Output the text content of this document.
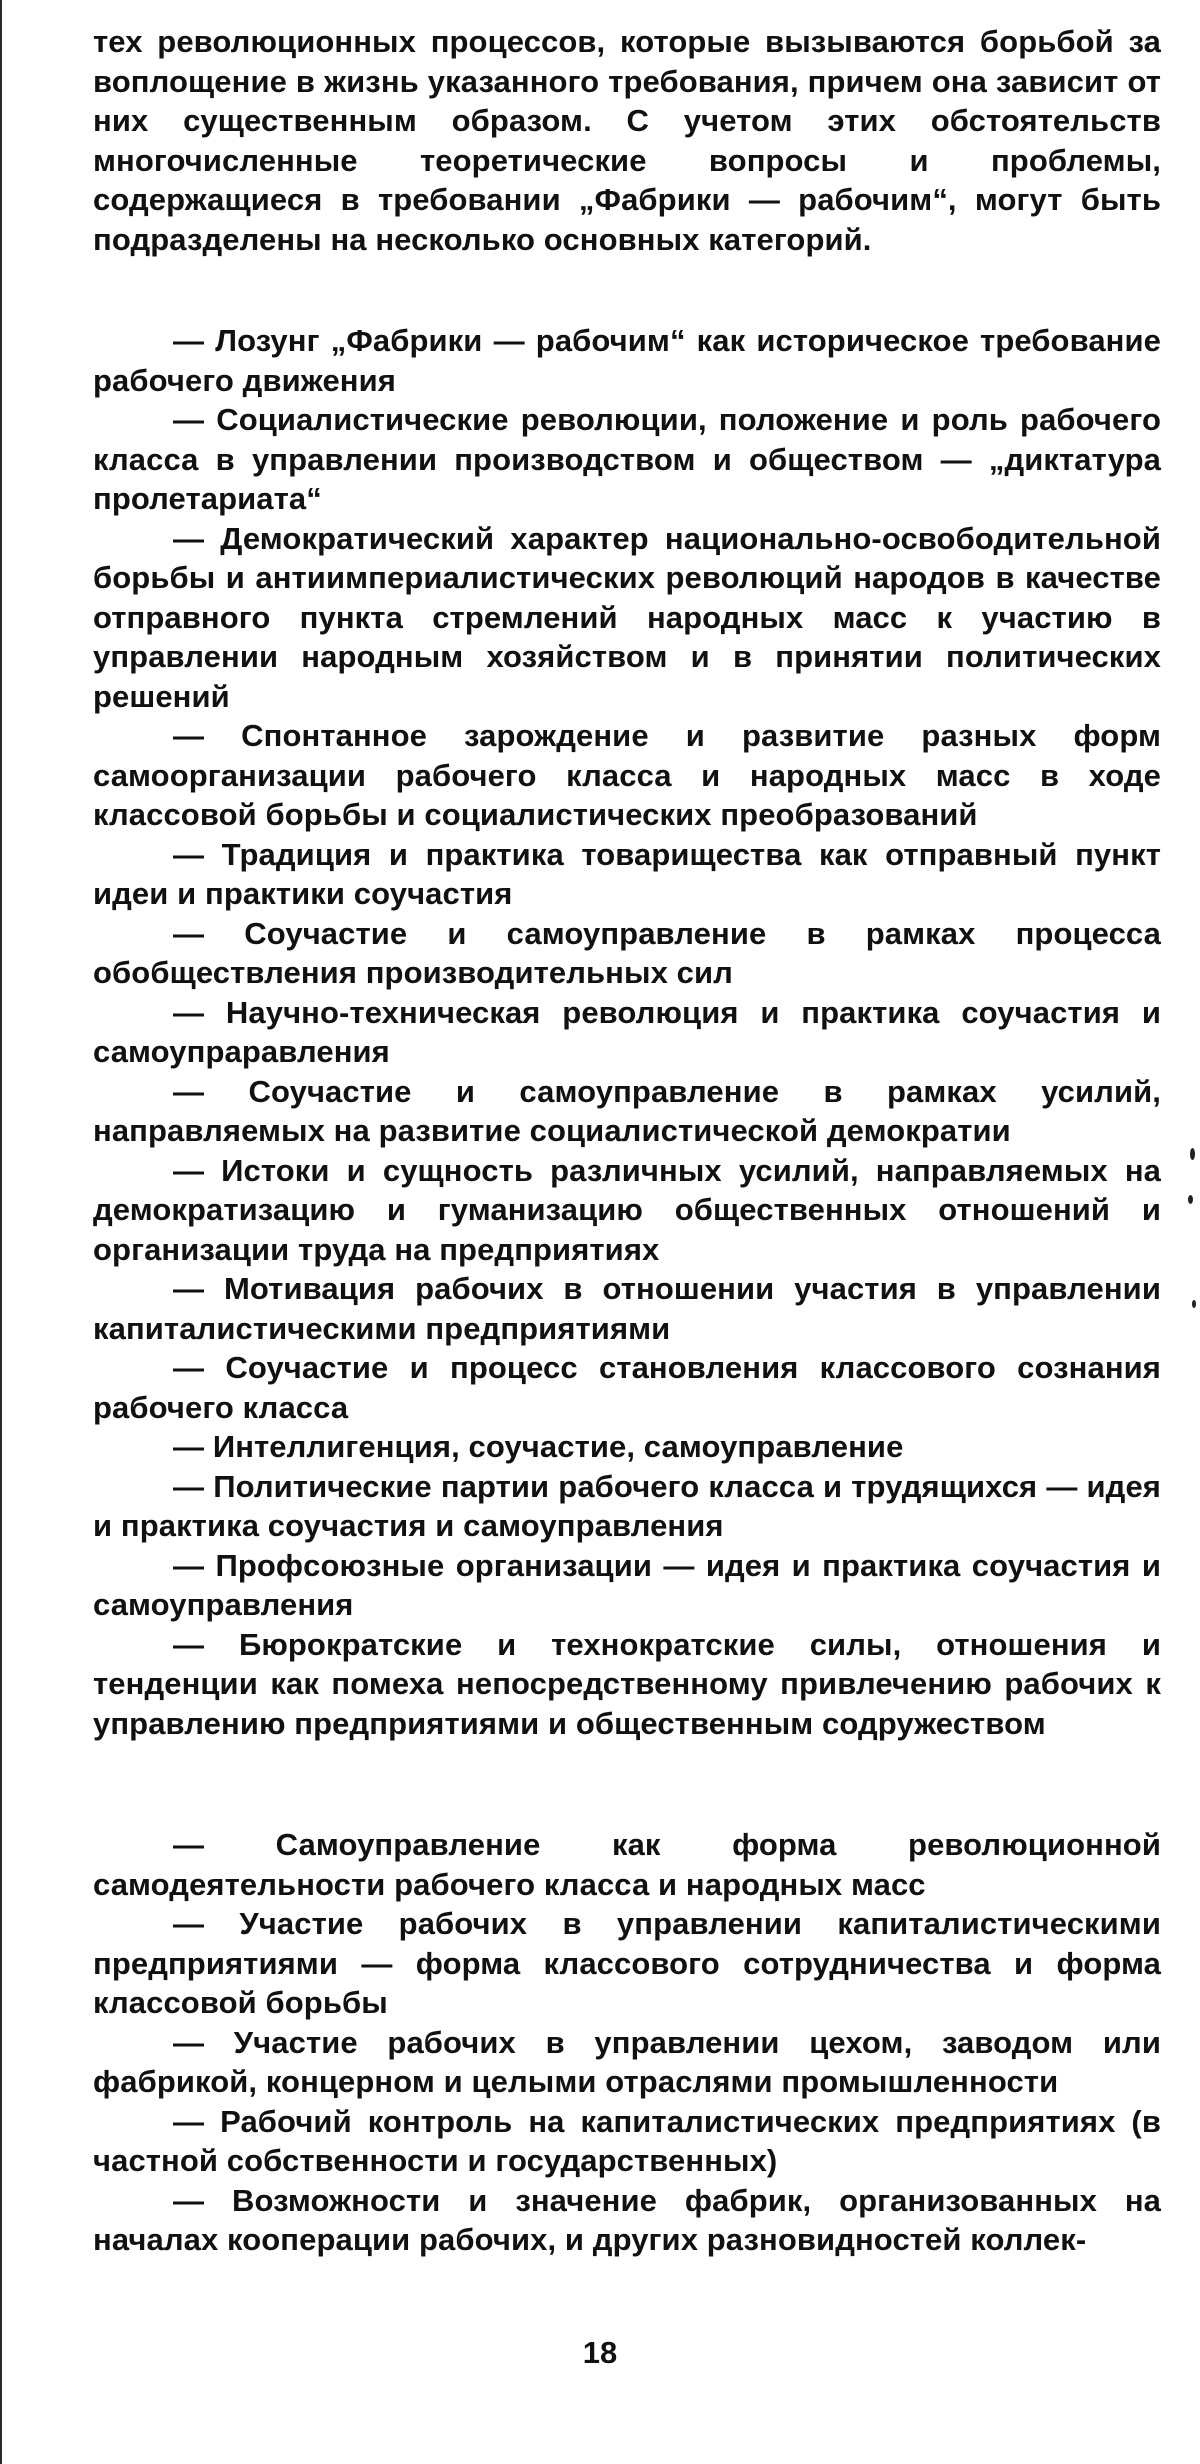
тех революционных процессов, которые вызываются борьбой за воплощение в жизнь указанного требования, причем она зависит от них существенным образом. С учетом этих обстоятельств многочисленные теоретические вопросы и проблемы, содержащиеся в требовании „Фабрики — рабочим“, могут быть подразделены на несколько основных категорий.

— Лозунг „Фабрики — рабочим“ как историческое требование рабочего движения

— Социалистические революции, положение и роль рабочего класса в управлении производством и обществом — „диктатура пролетариата“

— Демократический характер национально-освободительной борьбы и антиимпериалистических революций народов в качестве отправного пункта стремлений народных масс к участию в управлении народным хозяйством и в принятии политических решений

— Спонтанное зарождение и развитие разных форм самоорганизации рабочего класса и народных масс в ходе классовой борьбы и социалистических преобразований

— Традиция и практика товарищества как отправный пункт идеи и практики соучастия

— Соучастие и самоуправление в рамках процесса обобществления производительных сил

— Научно-техническая революция и практика соучастия и самоупраравления

— Соучастие и самоуправление в рамках усилий, направляемых на развитие социалистической демократии

— Истоки и сущность различных усилий, направляемых на демократизацию и гуманизацию общественных отношений и организации труда на предприятиях

— Мотивация рабочих в отношении участия в управлении капиталистическими предприятиями

— Соучастие и процесс становления классового сознания рабочего класса

— Интеллигенция, соучастие, самоуправление

— Политические партии рабочего класса и трудящихся — идея и практика соучастия и самоуправления

— Профсоюзные организации — идея и практика соучастия и самоуправления

— Бюрократские и технократские силы, отношения и тенденции как помеха непосредственному привлечению рабочих к управлению предприятиями и общественным содружеством

— Самоуправление как форма революционной самодеятельности рабочего класса и народных масс

— Участие рабочих в управлении капиталистическими предприятиями — форма классового сотрудничества и форма классовой борьбы

— Участие рабочих в управлении цехом, заводом или фабрикой, концерном и целыми отраслями промышленности

— Рабочий контроль на капиталистических предприятиях (в частной собственности и государственных)

— Возможности и значение фабрик, организованных на началах кооперации рабочих, и других разновидностей коллек-

18
